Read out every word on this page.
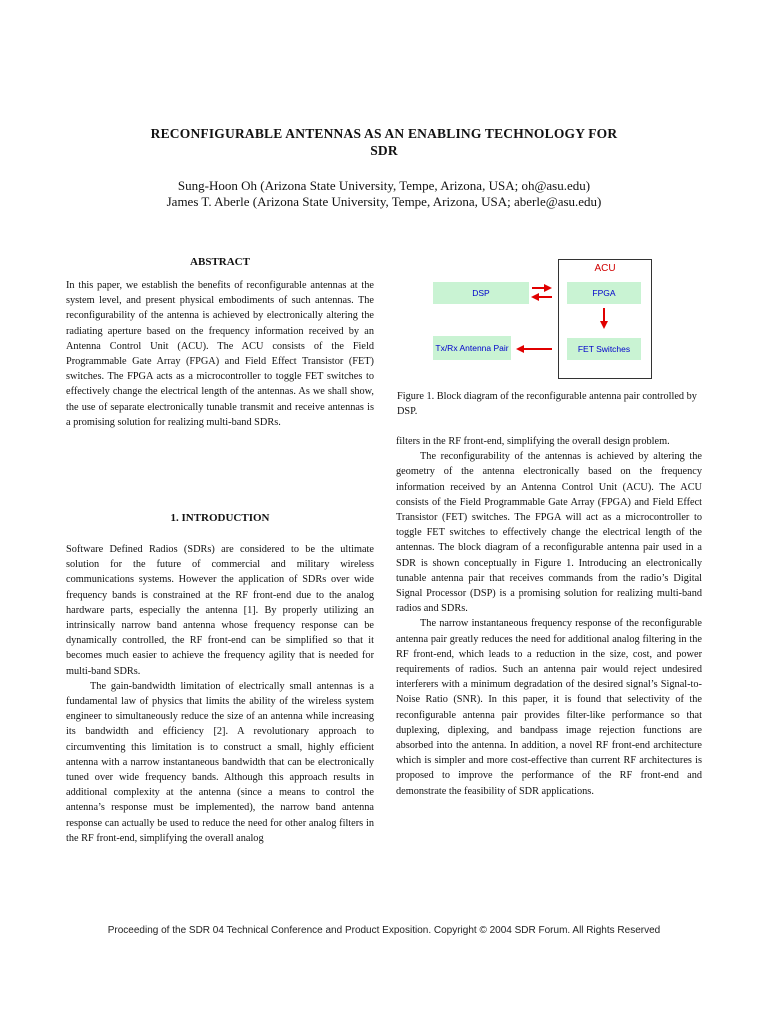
RECONFIGURABLE ANTENNAS AS AN ENABLING TECHNOLOGY FOR
SDR
Sung-Hoon Oh (Arizona State University, Tempe, Arizona, USA; oh@asu.edu)
James T. Aberle (Arizona State University, Tempe, Arizona, USA; aberle@asu.edu)
ABSTRACT

In this paper, we establish the benefits of reconfigurable antennas at the system level, and present physical embodiments of such antennas. The reconfigurability of the antenna is achieved by electronically altering the radiating aperture based on the frequency information received by an Antenna Control Unit (ACU). The ACU consists of the Field Programmable Gate Array (FPGA) and Field Effect Transistor (FET) switches. The FPGA acts as a microcontroller to toggle FET switches to effectively change the electrical length of the antennas. As we shall show, the use of separate electronically tunable transmit and receive antennas is a promising solution for realizing multi-band SDRs.

1. INTRODUCTION

Software Defined Radios (SDRs) are considered to be the ultimate solution for the future of commercial and military wireless communications systems. However the application of SDRs over wide frequency bands is constrained at the RF front-end due to the analog hardware parts, especially the antenna [1]. By properly utilizing an intrinsically narrow band antenna whose frequency response can be dynamically controlled, the RF front-end can be simplified so that it becomes much easier to achieve the frequency agility that is needed for multi-band SDRs.

The gain-bandwidth limitation of electrically small antennas is a fundamental law of physics that limits the ability of the wireless system engineer to simultaneously reduce the size of an antenna while increasing its bandwidth and efficiency [2]. A revolutionary approach to circumventing this limitation is to construct a small, highly efficient antenna with a narrow instantaneous bandwidth that can be electronically tuned over wide frequency bands. Although this approach results in additional complexity at the antenna (since a means to control the antenna’s response must be implemented), the narrow band antenna response can actually be used to reduce the need for other analog filters in the RF front-end, simplifying the overall analog

ACU
DSP	FPGA
Tx/Rx Antenna Pair	FET Switches
Figure 1. Block diagram of the reconfigurable antenna pair controlled by DSP.

filters in the RF front-end, simplifying the overall design problem.

The reconfigurability of the antennas is achieved by altering the geometry of the antenna electronically based on the frequency information received by an Antenna Control Unit (ACU). The ACU consists of the Field Programmable Gate Array (FPGA) and Field Effect Transistor (FET) switches. The FPGA will act as a microcontroller to toggle FET switches to effectively change the electrical length of the antennas. The block diagram of a reconfigurable antenna pair used in a SDR is shown conceptually in Figure 1. Introducing an electronically tunable antenna pair that receives commands from the radio’s Digital Signal Processor (DSP) is a promising solution for realizing multi-band radios and SDRs.

The narrow instantaneous frequency response of the reconfigurable antenna pair greatly reduces the need for additional analog filtering in the RF front-end, which leads to a reduction in the size, cost, and power requirements of radios. Such an antenna pair would reject undesired interferers with a minimum degradation of the desired signal’s Signal-to-Noise Ratio (SNR). In this paper, it is found that selectivity of the reconfigurable antenna pair provides filter-like performance so that duplexing, diplexing, and bandpass image rejection functions are absorbed into the antenna. In addition, a novel RF front-end architecture which is simpler and more cost-effective than current RF architectures is proposed to improve the performance of the RF front-end and demonstrate the feasibility of SDR applications.

Proceeding of the SDR 04 Technical Conference and Product Exposition. Copyright © 2004 SDR Forum. All Rights Reserved
